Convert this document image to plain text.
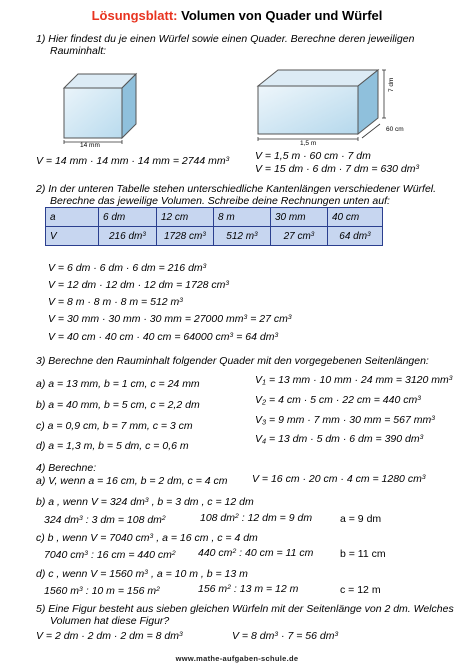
Lösungsblatt: Volumen von Quader und Würfel
1) Hier findest du je einen Würfel sowie einen Quader. Berechne deren jeweiligen
Rauminhalt:
14 mm	1,5 m
7 dm
60 cm
V = 14 mm · 14 mm · 14 mm = 2744 $mm^3$ V = 1,5 m · 60 cm · 7 dm
V = 15 dm · 6 dm · 7 dm = 630 $dm^3$
2) In der unteren Tabelle stehen unterschiedliche Kantenlängen verschiedener Würfel.
Berechne das jeweilige Volumen. Schreibe deine Rechnungen unten auf:
a	6 dm	12 cm	8 m	30 mm	40 cm
V	216 $dm^3$	1728 $cm^3$	512 $m^3$	27 $cm^3$	64 $dm^3$
V = 6 dm · 6 dm · 6 dm = 216 $dm^3$
V = 12 dm · 12 dm · 12 dm = 1728 $cm^3$
V = 8 m · 8 m · 8 m = 512 $m^3$
V = 30 mm · 30 mm · 30 mm = 27000 $mm^3 = 27$ $cm^3$
V = 40 cm · 40 cm · 40 cm = 64000 $cm^3 = 64$ $dm^3$
3) Berechne den Rauminhalt folgender Quader mit den vorgegebenen Seitenlängen:
a) a = 13 mm, b = 1 cm, c = 24 mm
b) a = 40 mm, b = 5 cm, c = 2,2 dm
c) a = 0,9 cm, b = 7 mm, c = 3 cm
d) a = 1,3 m, b = 5 dm, c = 0,6 m
V1 = 13 mm · 10 mm · 24 mm = 3120 $mm^3$
V2 = 4 cm · 5 cm · 22 cm = 440 $cm^3$
V3 = 9 mm · 7 mm · 30 mm = 567 $mm^3$
V4 = 13 dm · 5 dm · 6 dm = 390 $dm^3$
4) Berechne:
a) V, wenn a = 16 cm, b = 2 dm, c = 4 cm V = 16 cm · 20 cm · 4 cm = 1280 $cm^3$
b) a , wenn V = 324 $dm^3$ , b = 3 dm , c = 12 dm
324 $dm^3$ : 3 dm = 108 $dm^2$	108 $dm^2$ : 12 dm = 9 dm	a = 9 dm
c) b , wenn V = 7040 $cm^3$ , a = 16 cm , c = 4 dm
7040 $cm^3$ : 16 cm = 440 $cm^2$ 440 $cm^2$ : 40 cm = 11 cm	b = 11 cm
d) c , wenn V = 1560 $m^3$ , a = 10 m , b = 13 m
1560 $m^3$ : 10 m = 156 $m^2$	156 $m^2$ : 13 m = 12 m	c = 12 m
5) Eine Figur besteht aus sieben gleichen Würfeln mit der Seitenlänge von 2 dm. Welches
Volumen hat diese Figur?
V = 2 dm · 2 dm · 2 dm = 8 $dm^3$	V = 8 $dm^3 \cdot 7 = 56$ $dm^3$
www.mathe-aufgaben-schule.de
